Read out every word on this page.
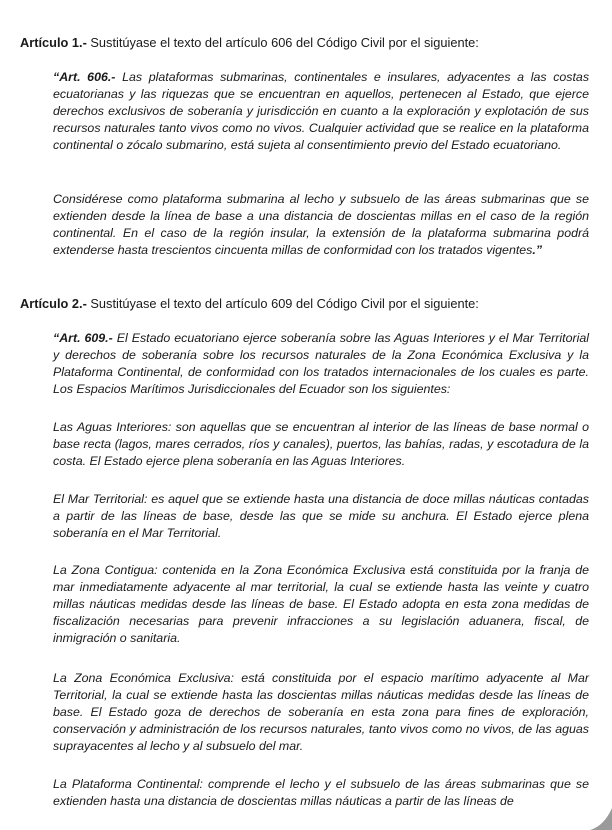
Artículo 1.- Sustitúyase el texto del artículo 606 del Código Civil por el siguiente:

“Art. 606.- Las plataformas submarinas, continentales e insulares, adyacentes a las costas ecuatorianas y las riquezas que se encuentran en aquellos, pertenecen al Estado, que ejerce derechos exclusivos de soberanía y jurisdicción en cuanto a la exploración y explotación de sus recursos naturales tanto vivos como no vivos. Cualquier actividad que se realice en la plataforma continental o zócalo submarino, está sujeta al consentimiento previo del Estado ecuatoriano.

Considérese como plataforma submarina al lecho y subsuelo de las áreas submarinas que se extienden desde la línea de base a una distancia de doscientas millas en el caso de la región continental. En el caso de la región insular, la extensión de la plataforma submarina podrá extenderse hasta trescientos cincuenta millas de conformidad con los tratados vigentes.”

Artículo 2.- Sustitúyase el texto del artículo 609 del Código Civil por el siguiente:

“Art. 609.- El Estado ecuatoriano ejerce soberanía sobre las Aguas Interiores y el Mar Territorial y derechos de soberanía sobre los recursos naturales de la Zona Económica Exclusiva y la Plataforma Continental, de conformidad con los tratados internacionales de los cuales es parte. Los Espacios Marítimos Jurisdiccionales del Ecuador son los siguientes:

Las Aguas Interiores: son aquellas que se encuentran al interior de las líneas de base normal o base recta (lagos, mares cerrados, ríos y canales), puertos, las bahías, radas, y escotadura de la costa. El Estado ejerce plena soberanía en las Aguas Interiores.

El Mar Territorial: es aquel que se extiende hasta una distancia de doce millas náuticas contadas a partir de las líneas de base, desde las que se mide su anchura. El Estado ejerce plena soberanía en el Mar Territorial.

La Zona Contigua: contenida en la Zona Económica Exclusiva está constituida por la franja de mar inmediatamente adyacente al mar territorial, la cual se extiende hasta las veinte y cuatro millas náuticas medidas desde las líneas de base. El Estado adopta en esta zona medidas de fiscalización necesarias para prevenir infracciones a su legislación aduanera, fiscal, de inmigración o sanitaria.

La Zona Económica Exclusiva: está constituida por el espacio marítimo adyacente al Mar Territorial, la cual se extiende hasta las doscientas millas náuticas medidas desde las líneas de base. El Estado goza de derechos de soberanía en esta zona para fines de exploración, conservación y administración de los recursos naturales, tanto vivos como no vivos, de las aguas suprayacentes al lecho y al subsuelo del mar.

La Plataforma Continental: comprende el lecho y el subsuelo de las áreas submarinas que se extienden hasta una distancia de doscientas millas náuticas a partir de las líneas de
